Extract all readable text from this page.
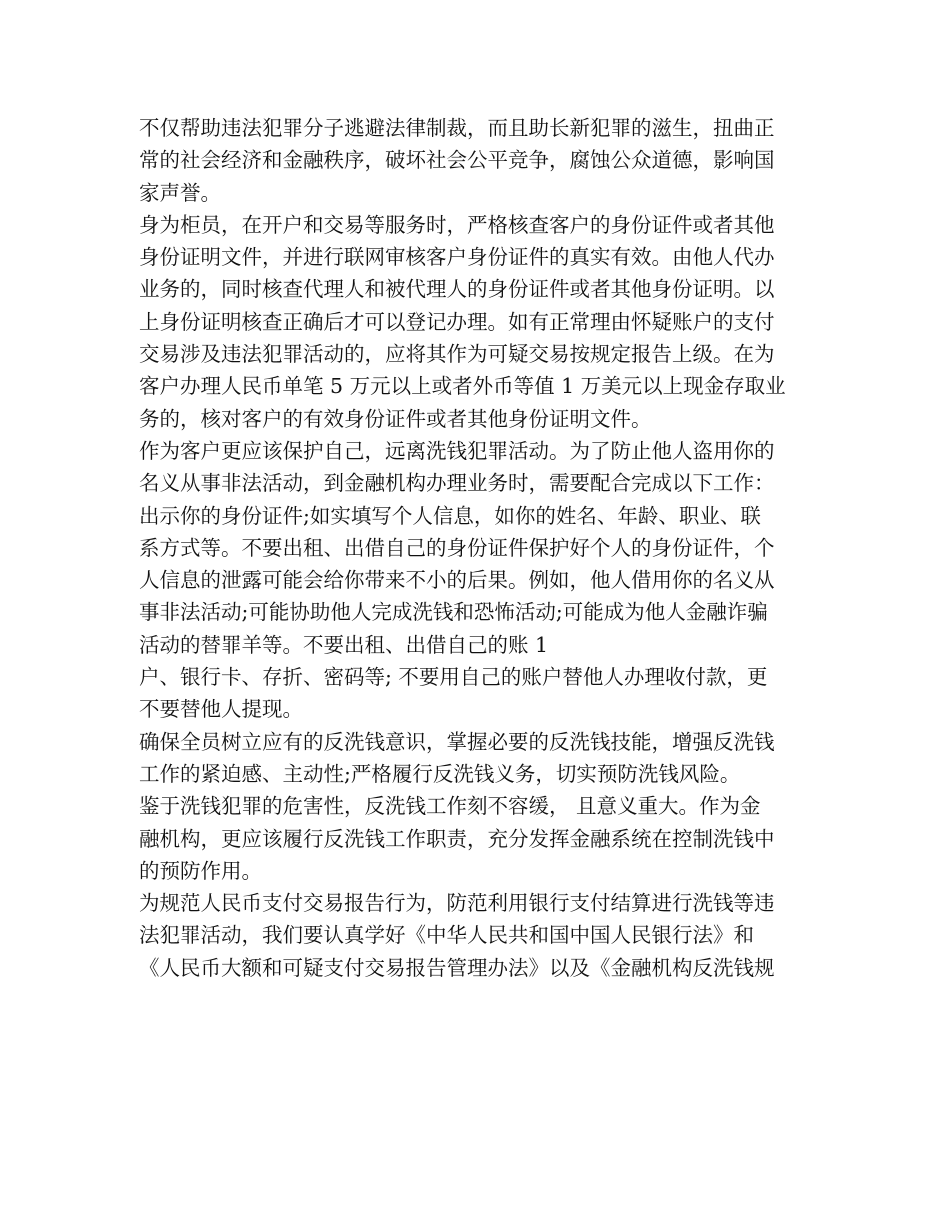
不仅帮助违法犯罪分子逃避法律制裁，而且助长新犯罪的滋生，扭曲正
常的社会经济和金融秩序，破坏社会公平竞争，腐蚀公众道德，影响国
家声誉。
身为柜员，在开户和交易等服务时，严格核查客户的身份证件或者其他
身份证明文件，并进行联网审核客户身份证件的真实有效。由他人代办
业务的，同时核查代理人和被代理人的身份证件或者其他身份证明。以
上身份证明核查正确后才可以登记办理。如有正常理由怀疑账户的支付
交易涉及违法犯罪活动的，应将其作为可疑交易按规定报告上级。在为
客户办理人民币单笔 5 万元以上或者外币等值 1 万美元以上现金存取业
务的，核对客户的有效身份证件或者其他身份证明文件。
作为客户更应该保护自己，远离洗钱犯罪活动。为了防止他人盗用你的
名义从事非法活动，到金融机构办理业务时，需要配合完成以下工作：
出示你的身份证件;如实填写个人信息，如你的姓名、年龄、职业、联
系方式等。不要出租、出借自己的身份证件保护好个人的身份证件，个
人信息的泄露可能会给你带来不小的后果。例如，他人借用你的名义从
事非法活动;可能协助他人完成洗钱和恐怖活动;可能成为他人金融诈骗
活动的替罪羊等。不要出租、出借自己的账 1
户、银行卡、存折、密码等; 不要用自己的账户替他人办理收付款，更
不要替他人提现。
确保全员树立应有的反洗钱意识，掌握必要的反洗钱技能，增强反洗钱
工作的紧迫感、主动性;严格履行反洗钱义务，切实预防洗钱风险。
鉴于洗钱犯罪的危害性，反洗钱工作刻不容缓， 且意义重大。作为金
融机构，更应该履行反洗钱工作职责，充分发挥金融系统在控制洗钱中
的预防作用。
为规范人民币支付交易报告行为，防范利用银行支付结算进行洗钱等违
法犯罪活动，我们要认真学好《中华人民共和国中国人民银行法》和
《人民币大额和可疑支付交易报告管理办法》以及《金融机构反洗钱规
